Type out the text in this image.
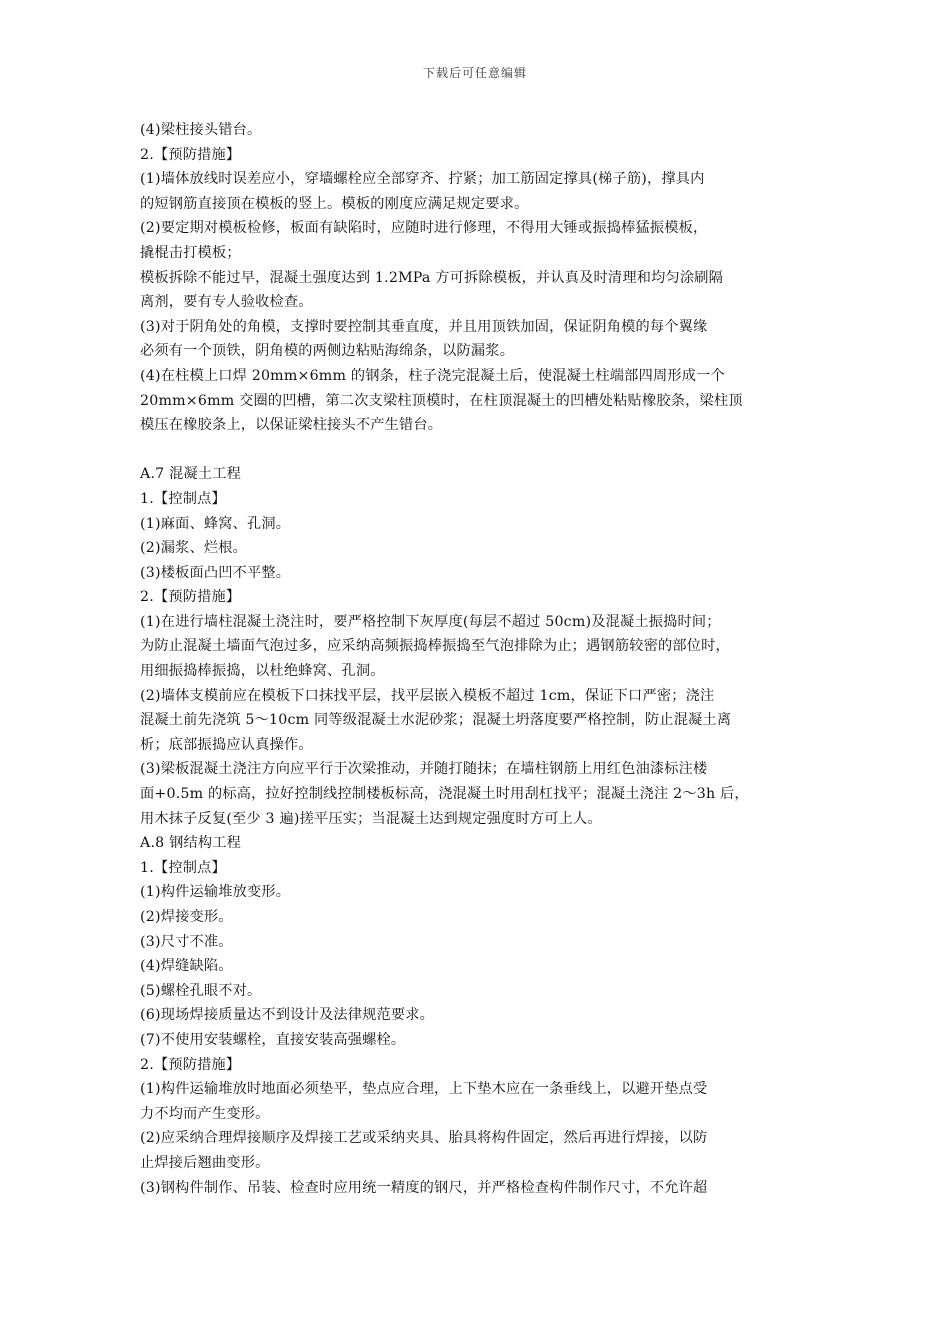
下载后可任意编辑
(4)梁柱接头错台。
2.【预防措施】
(1)墙体放线时误差应小，穿墙螺栓应全部穿齐、拧紧；加工筋固定撑具(梯子筋)，撑具内
的短钢筋直接顶在模板的竖上。模板的刚度应满足规定要求。
(2)要定期对模板检修，板面有缺陷时，应随时进行修理，不得用大锤或振捣棒猛振模板，
撬棍击打模板；
模板拆除不能过早，混凝土强度达到 1.2MPa 方可拆除模板，并认真及时清理和均匀涂刷隔
离剂，要有专人验收检查。
(3)对于阴角处的角模，支撑时要控制其垂直度，并且用顶铁加固，保证阴角模的每个翼缘
必须有一个顶铁，阴角模的两侧边粘贴海绵条，以防漏浆。
(4)在柱模上口焊 20mm×6mm 的钢条，柱子浇完混凝土后，使混凝土柱端部四周形成一个
20mm×6mm 交圈的凹槽，第二次支梁柱顶模时，在柱顶混凝土的凹槽处粘贴橡胶条，梁柱顶
模压在橡胶条上，以保证梁柱接头不产生错台。
A.7 混凝土工程
1.【控制点】
(1)麻面、蜂窝、孔洞。
(2)漏浆、烂根。
(3)楼板面凸凹不平整。
2.【预防措施】
(1)在进行墙柱混凝土浇注时，要严格控制下灰厚度(每层不超过 50cm)及混凝土振捣时间；
为防止混凝土墙面气泡过多，应采纳高频振捣棒振捣至气泡排除为止；遇钢筋较密的部位时，
用细振捣棒振捣，以杜绝蜂窝、孔洞。
(2)墙体支模前应在模板下口抹找平层，找平层嵌入模板不超过 1cm，保证下口严密；浇注
混凝土前先浇筑 5～10cm 同等级混凝土水泥砂浆；混凝土坍落度要严格控制，防止混凝土离
析；底部振捣应认真操作。
(3)梁板混凝土浇注方向应平行于次梁推动，并随打随抹；在墙柱钢筋上用红色油漆标注楼
面+0.5m 的标高，拉好控制线控制楼板标高，浇混凝土时用刮杠找平；混凝土浇注 2～3h 后，
用木抹子反复(至少 3 遍)搓平压实；当混凝土达到规定强度时方可上人。
A.8 钢结构工程
1.【控制点】
(1)构件运输堆放变形。
(2)焊接变形。
(3)尺寸不准。
(4)焊缝缺陷。
(5)螺栓孔眼不对。
(6)现场焊接质量达不到设计及法律规范要求。
(7)不使用安装螺栓，直接安装高强螺栓。
2.【预防措施】
(1)构件运输堆放时地面必须垫平，垫点应合理，上下垫木应在一条垂线上，以避开垫点受
力不均而产生变形。
(2)应采纳合理焊接顺序及焊接工艺或采纳夹具、胎具将构件固定，然后再进行焊接，以防
止焊接后翘曲变形。
(3)钢构件制作、吊装、检查时应用统一精度的钢尺，并严格检查构件制作尺寸，不允许超
